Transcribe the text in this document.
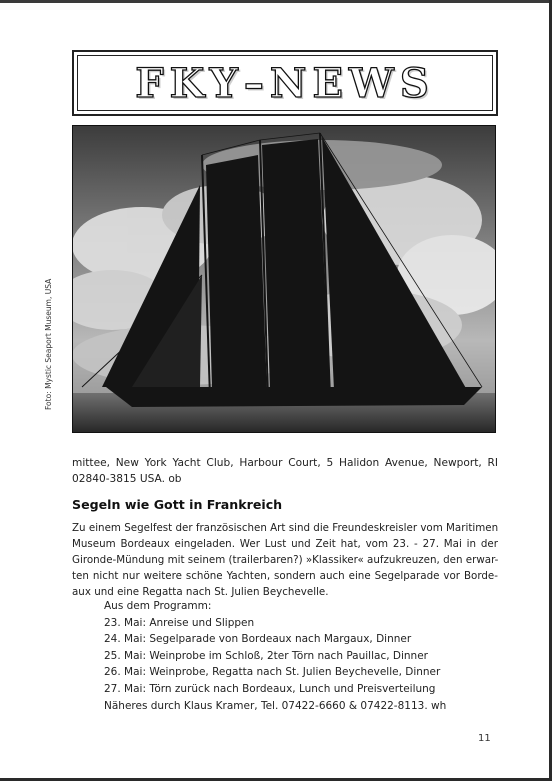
FKY–NEWS
Foto: Mystic Seaport Museum, USA
mittee, New York Yacht Club, Harbour Court, 5 Halidon Avenue, Newport, RI
02840-3815 USA. ob
Segeln wie Gott in Frankreich
Zu einem Segelfest der französischen Art sind die Freundeskreisler vom Maritimen
Museum Bordeaux eingeladen. Wer Lust und Zeit hat, vom 23. - 27. Mai in der
Gironde-Mündung mit seinem (trailerbaren?) »Klassiker« aufzukreuzen, den erwar-
ten nicht nur weitere schöne Yachten, sondern auch eine Segelparade vor Borde-
aux und eine Regatta nach St. Julien Beychevelle.
Aus dem Programm:
23. Mai: Anreise und Slippen
24. Mai: Segelparade von Bordeaux nach Margaux, Dinner
25. Mai: Weinprobe im Schloß, 2ter Törn nach Pauillac, Dinner
26. Mai: Weinprobe, Regatta nach St. Julien Beychevelle, Dinner
27. Mai: Törn zurück nach Bordeaux, Lunch und Preisverteilung
Näheres durch Klaus Kramer, Tel. 07422-6660 & 07422-8113. wh
11
